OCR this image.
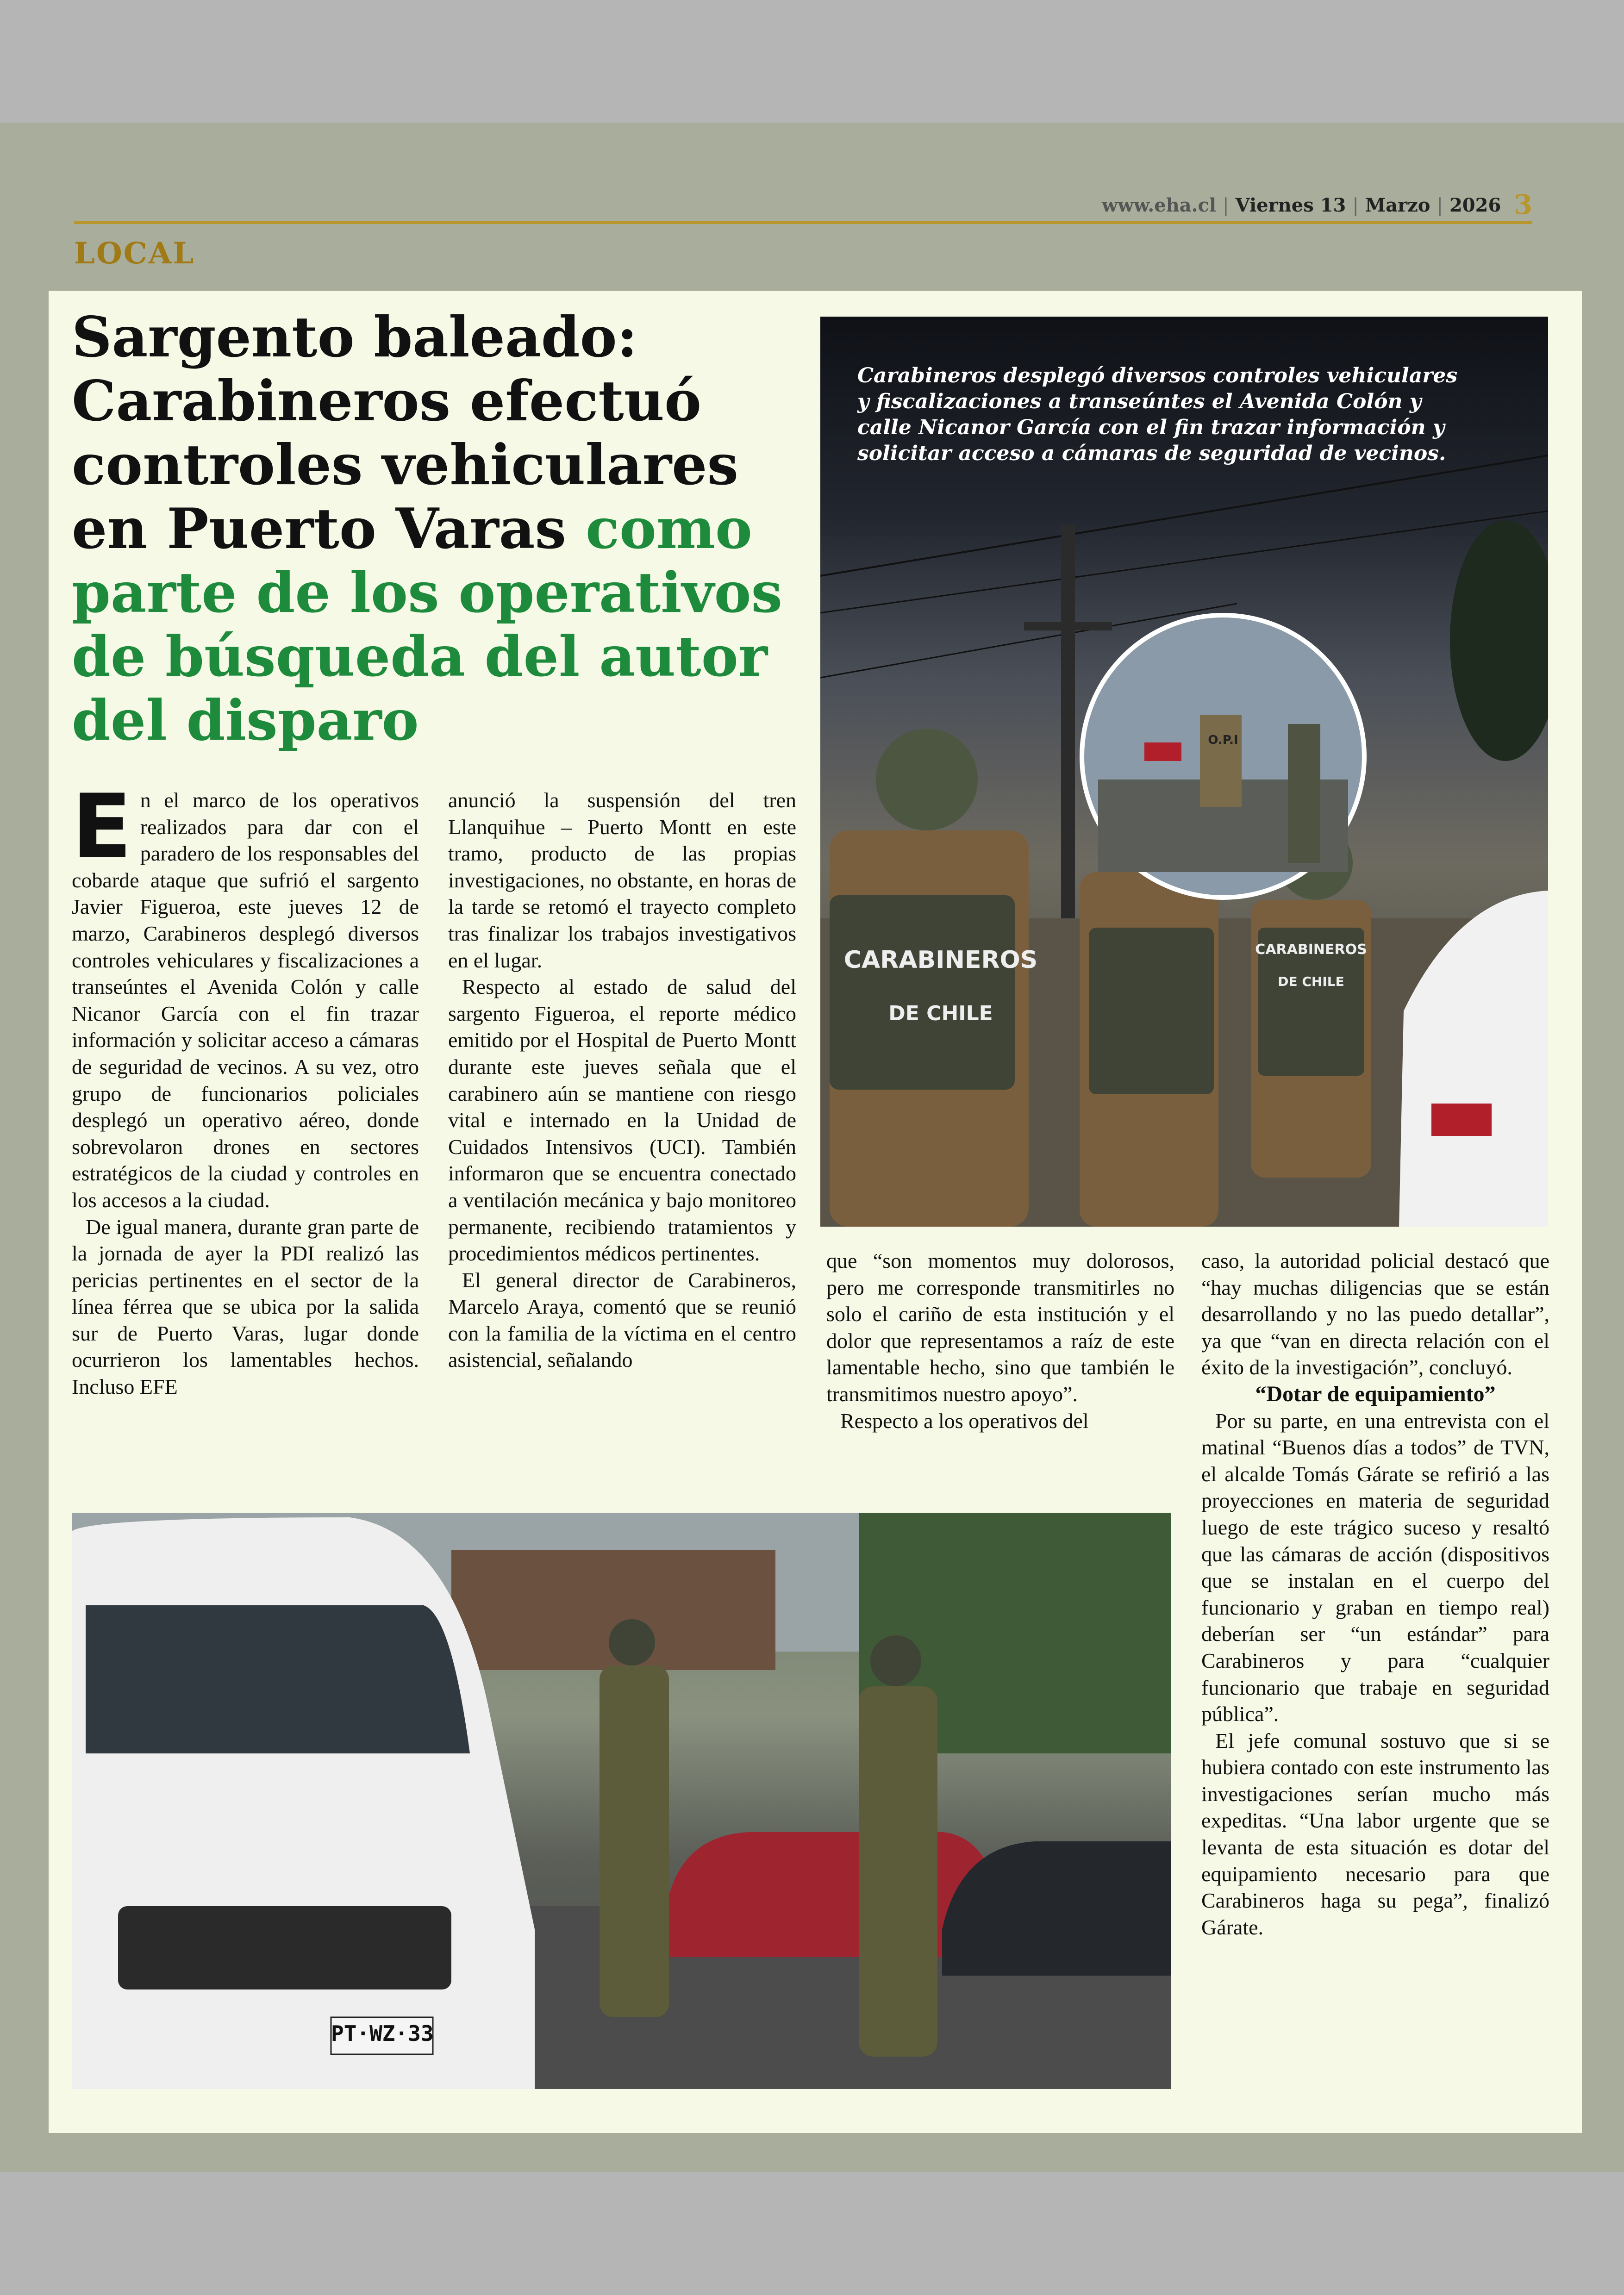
www.eha.cl | Viernes 13 | Marzo | 2026 3
LOCAL
Sargento baleado: Carabineros efectuó controles vehiculares en Puerto Varas como parte de los operativos de búsqueda del autor del disparo
Carabineros desplegó diversos controles vehiculares y fiscalizaciones a transeúntes el Avenida Colón y calle Nicanor García con el fin trazar información y solicitar acceso a cámaras de seguridad de vecinos.
CARABINEROS
DE CHILE
CARABINEROS
DE CHILE
O.P.I
PT·WZ·33

En el marco de los operativos realizados para dar con el paradero de los responsables del cobarde ataque que sufrió el sargento Javier Figueroa, este jueves 12 de marzo, Carabineros desplegó diversos controles vehiculares y fiscalizaciones a transeúntes el Avenida Colón y calle Nicanor García con el fin trazar información y solicitar acceso a cámaras de seguridad de vecinos. A su vez, otro grupo de funcionarios policiales desplegó un operativo aéreo, donde sobrevolaron drones en sectores estratégicos de la ciudad y controles en los accesos a la ciudad.

De igual manera, durante gran parte de la jornada de ayer la PDI realizó las pericias pertinentes en el sector de la línea férrea que se ubica por la salida sur de Puerto Varas, lugar donde ocurrieron los lamentables hechos. Incluso EFE

anunció la suspensión del tren Llanquihue – Puerto Montt en este tramo, producto de las propias investigaciones, no obstante, en horas de la tarde se retomó el trayecto completo tras finalizar los trabajos investigativos en el lugar.

Respecto al estado de salud del sargento Figueroa, el reporte médico emitido por el Hospital de Puerto Montt durante este jueves señala que el carabinero aún se mantiene con riesgo vital e internado en la Unidad de Cuidados Intensivos (UCI). También informaron que se encuentra conectado a ventilación mecánica y bajo monitoreo permanente, recibiendo tratamientos y procedimientos médicos pertinentes.

El general director de Carabineros, Marcelo Araya, comentó que se reunió con la familia de la víctima en el centro asistencial, señalando

que “son momentos muy dolorosos, pero me corresponde transmitirles no solo el cariño de esta institución y el dolor que representamos a raíz de este lamentable hecho, sino que también le transmitimos nuestro apoyo”.

Respecto a los operativos del

caso, la autoridad policial destacó que “hay muchas diligencias que se están desarrollando y no las puedo detallar”, ya que “van en directa relación con el éxito de la investigación”, concluyó.

“Dotar de equipamiento”

Por su parte, en una entrevista con el matinal “Buenos días a todos” de TVN, el alcalde Tomás Gárate se refirió a las proyecciones en materia de seguridad luego de este trágico suceso y resaltó que las cámaras de acción (dispositivos que se instalan en el cuerpo del funcionario y graban en tiempo real) deberían ser “un estándar” para Carabineros y para “cualquier funcionario que trabaje en seguridad pública”.

El jefe comunal sostuvo que si se hubiera contado con este instrumento las investigaciones serían mucho más expeditas. “Una labor urgente que se levanta de esta situación es dotar del equipamiento necesario para que Carabineros haga su pega”, finalizó Gárate.
